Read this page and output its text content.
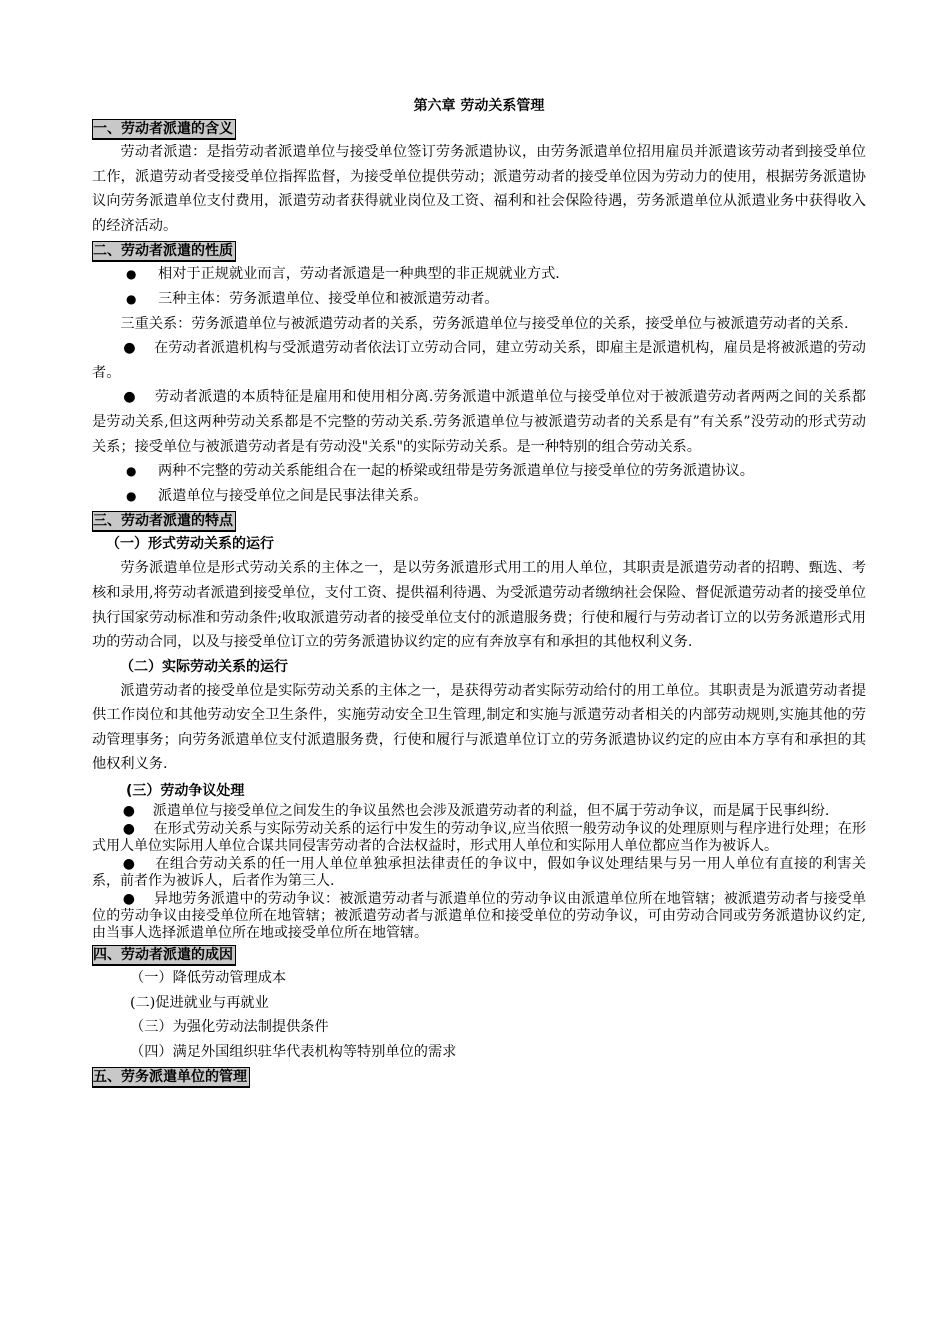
第六章 劳动关系管理
一、劳动者派遣的含义

劳动者派遣：是指劳动者派遣单位与接受单位签订劳务派遣协议，由劳务派遣单位招用雇员并派遣该劳动者到接受单位工作，派遣劳动者受接受单位指挥监督，为接受单位提供劳动；派遣劳动者的接受单位因为劳动力的使用，根据劳务派遣协议向劳务派遣单位支付费用，派遣劳动者获得就业岗位及工资、福利和社会保险待遇，劳务派遣单位从派遣业务中获得收入的经济活动。

二、劳动者派遣的性质

● 相对于正规就业而言，劳动者派遣是一种典型的非正规就业方式.

● 三种主体：劳务派遣单位、接受单位和被派遣劳动者。

三重关系：劳务派遣单位与被派遣劳动者的关系，劳务派遣单位与接受单位的关系，接受单位与被派遣劳动者的关系.

●    在劳动者派遣机构与受派遣劳动者依法订立劳动合同，建立劳动关系，即雇主是派遣机构，雇员是将被派遣的劳动者。

●    劳动者派遣的本质特征是雇用和使用相分离.劳务派遣中派遣单位与接受单位对于被派遣劳动者两两之间的关系都是劳动关系,但这两种劳动关系都是不完整的劳动关系.劳务派遣单位与被派遣劳动者的关系是有”有关系”没劳动的形式劳动关系；接受单位与被派遣劳动者是有劳动没"关系"的实际劳动关系。是一种特别的组合劳动关系。

● 两种不完整的劳动关系能组合在一起的桥梁或纽带是劳务派遣单位与接受单位的劳务派遣协议。

● 派遣单位与接受单位之间是民事法律关系。

三、劳动者派遣的特点
（一）形式劳动关系的运行

劳务派遣单位是形式劳动关系的主体之一，是以劳务派遣形式用工的用人单位，其职责是派遣劳动者的招聘、甄选、考核和录用,将劳动者派遣到接受单位，支付工资、提供福利待遇、为受派遣劳动者缴纳社会保险、督促派遣劳动者的接受单位执行国家劳动标准和劳动条件;收取派遣劳动者的接受单位支付的派遣服务费；行使和履行与劳动者订立的以劳务派遣形式用功的劳动合同，以及与接受单位订立的劳务派遣协议约定的应有奔放享有和承担的其他权利义务.

（二）实际劳动关系的运行

派遣劳动者的接受单位是实际劳动关系的主体之一，是获得劳动者实际劳动给付的用工单位。其职责是为派遣劳动者提供工作岗位和其他劳动安全卫生条件，实施劳动安全卫生管理,制定和实施与派遣劳动者相关的内部劳动规则,实施其他的劳动管理事务；向劳务派遣单位支付派遣服务费，行使和履行与派遣单位订立的劳务派遣协议约定的应由本方享有和承担的其他权利义务.

(三）劳动争议处理

●    派遣单位与接受单位之间发生的争议虽然也会涉及派遣劳动者的利益，但不属于劳动争议，而是属于民事纠纷.

●    在形式劳动关系与实际劳动关系的运行中发生的劳动争议,应当依照一般劳动争议的处理原则与程序进行处理；在形式用人单位实际用人单位合谋共同侵害劳动者的合法权益时，形式用人单位和实际用人单位都应当作为被诉人。

●    在组合劳动关系的任一用人单位单独承担法律责任的争议中，假如争议处理结果与另一用人单位有直接的利害关系，前者作为被诉人，后者作为第三人.

●    异地劳务派遣中的劳动争议：被派遣劳动者与派遣单位的劳动争议由派遣单位所在地管辖；被派遣劳动者与接受单位的劳动争议由接受单位所在地管辖；被派遣劳动者与派遣单位和接受单位的劳动争议，可由劳动合同或劳务派遣协议约定,由当事人选择派遣单位所在地或接受单位所在地管辖。

四、劳动者派遣的成因

（一）降低劳动管理成本

(二)促进就业与再就业

（三）为强化劳动法制提供条件

（四）满足外国组织驻华代表机构等特别单位的需求

五、劳务派遣单位的管理
